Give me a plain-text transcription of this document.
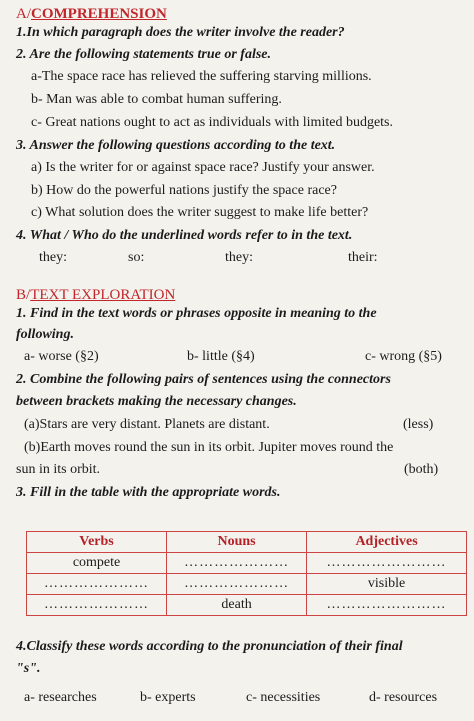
A/COMPREHENSION
1.In which paragraph does the writer involve the reader?
2. Are the following statements true or false.
a-The space race has relieved the suffering starving millions.
b- Man was able to combat human suffering.
c- Great nations ought to act as individuals with limited budgets.
3. Answer the following questions according to the text.
a) Is the writer for or against space race? Justify your answer.
b) How do the powerful nations justify the space race?
c) What solution does the writer suggest to make life better?
4. What / Who do the underlined words refer to in the text.
they:	so:	they:	their:
B/TEXT EXPLORATION
1. Find in the text words or phrases opposite in meaning to the
following.
a- worse (§2)	b- little (§4)	c- wrong (§5)
2. Combine the following pairs of sentences using the connectors
between brackets making the necessary changes.
(a)Stars are very distant. Planets are distant.	(less)
(b)Earth moves round the sun in its orbit. Jupiter moves round the
sun in its orbit.	(both)
3. Fill in the table with the appropriate words.
Verbs	Nouns	Adjectives
compete	…………………	……………………
…………………	…………………	visible
…………………	death	……………………
4.Classify these words according to the pronunciation of their final
"s".
a- researches	b- experts	c- necessities	d- resources
